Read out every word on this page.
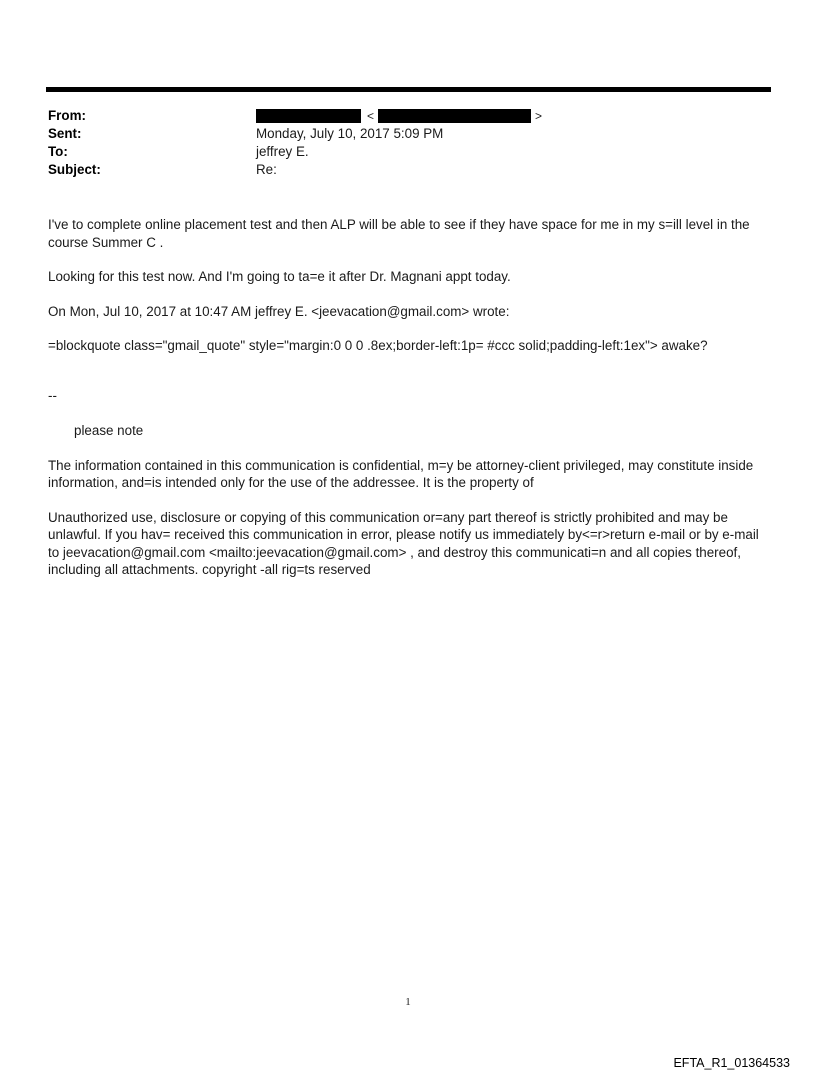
From:	<	>
Sent:	Monday, July 10, 2017 5:09 PM
To:	jeffrey E.
Subject:	Re:

I've to complete online placement test and then ALP will be able to see if they have space for me in my s=ill level in the course Summer C .

Looking for this test now. And I'm going to ta=e it after Dr. Magnani appt today.

On Mon, Jul 10, 2017 at 10:47 AM jeffrey E. <jeevacation@gmail.com> wrote:

=blockquote class="gmail_quote" style="margin:0 0 0 .8ex;border-left:1p= #ccc solid;padding-left:1ex"> awake?

--

please note

The information contained in this communication is confidential, m=y be attorney-client privileged, may constitute inside information, and=is intended only for the use of the addressee. It is the property of

Unauthorized use, disclosure or copying of this communication or=any part thereof is strictly prohibited and may be unlawful. If you hav= received this communication in error, please notify us immediately by<=r>return e-mail or by e-mail to jeevacation@gmail.com <mailto:jeevacation@gmail.com> , and destroy this communicati=n and all copies thereof, including all attachments. copyright -all rig=ts reserved

1
EFTA_R1_01364533
